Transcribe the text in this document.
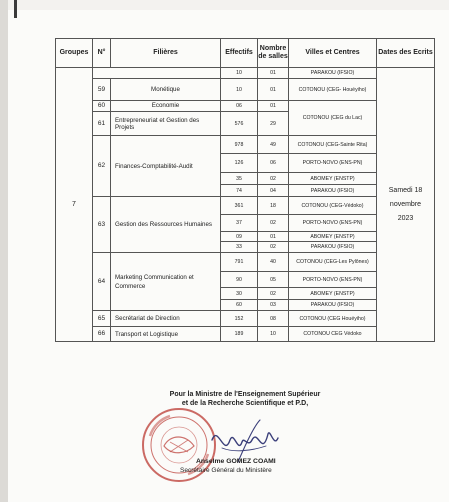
Groupes	N°	Filières	Effectifs	Nombre de salles	Villes et Centres	Dates des Ecrits
7			10	01	PARAKOU (IFSIO)	Samedi 18 novembre 2023
	59	Monétique	10	01	COTONOU (CEG- Houéyiho)	
	60	Economie	06	01	COTONOU (CEG du Lac)	
	61	Entrepreneuriat et Gestion des Projets	576	29		
	62	Finances-Comptabilité-Audit	978	49	COTONOU (CEG-Sainte Rita)	
			126	06	PORTO-NOVO (ENS-PN)	
			35	02	ABOMEY (ENSTP)	
			74	04	PARAKOU (IFSIO)	
	63	Gestion des Ressources Humaines	361	18	COTONOU (CEG-Védoko)	
			37	02	PORTO-NOVO (ENS-PN)	
			09	01	ABOMEY (ENSTP)	
			33	02	PARAKOU (IFSIO)	
	64	Marketing Communication et Commerce	791	40	COTONOU (CEG-Les Pylônes)	
			90	05	PORTO-NOVO (ENS-PN)	
			30	02	ABOMEY (ENSTP)	
			60	03	PARAKOU (IFSIO)	
	65	Secrétariat de Direction	152	08	COTONOU (CEG Houéyiho)	
	66	Transport et Logistique	189	10	COTONOU CEG Védoko	
Pour la Ministre de l'Enseignement Supérieur
et de la Recherche Scientifique et P.D,
Anselme GOMEZ COAMI
Secrétaire Général du Ministère
